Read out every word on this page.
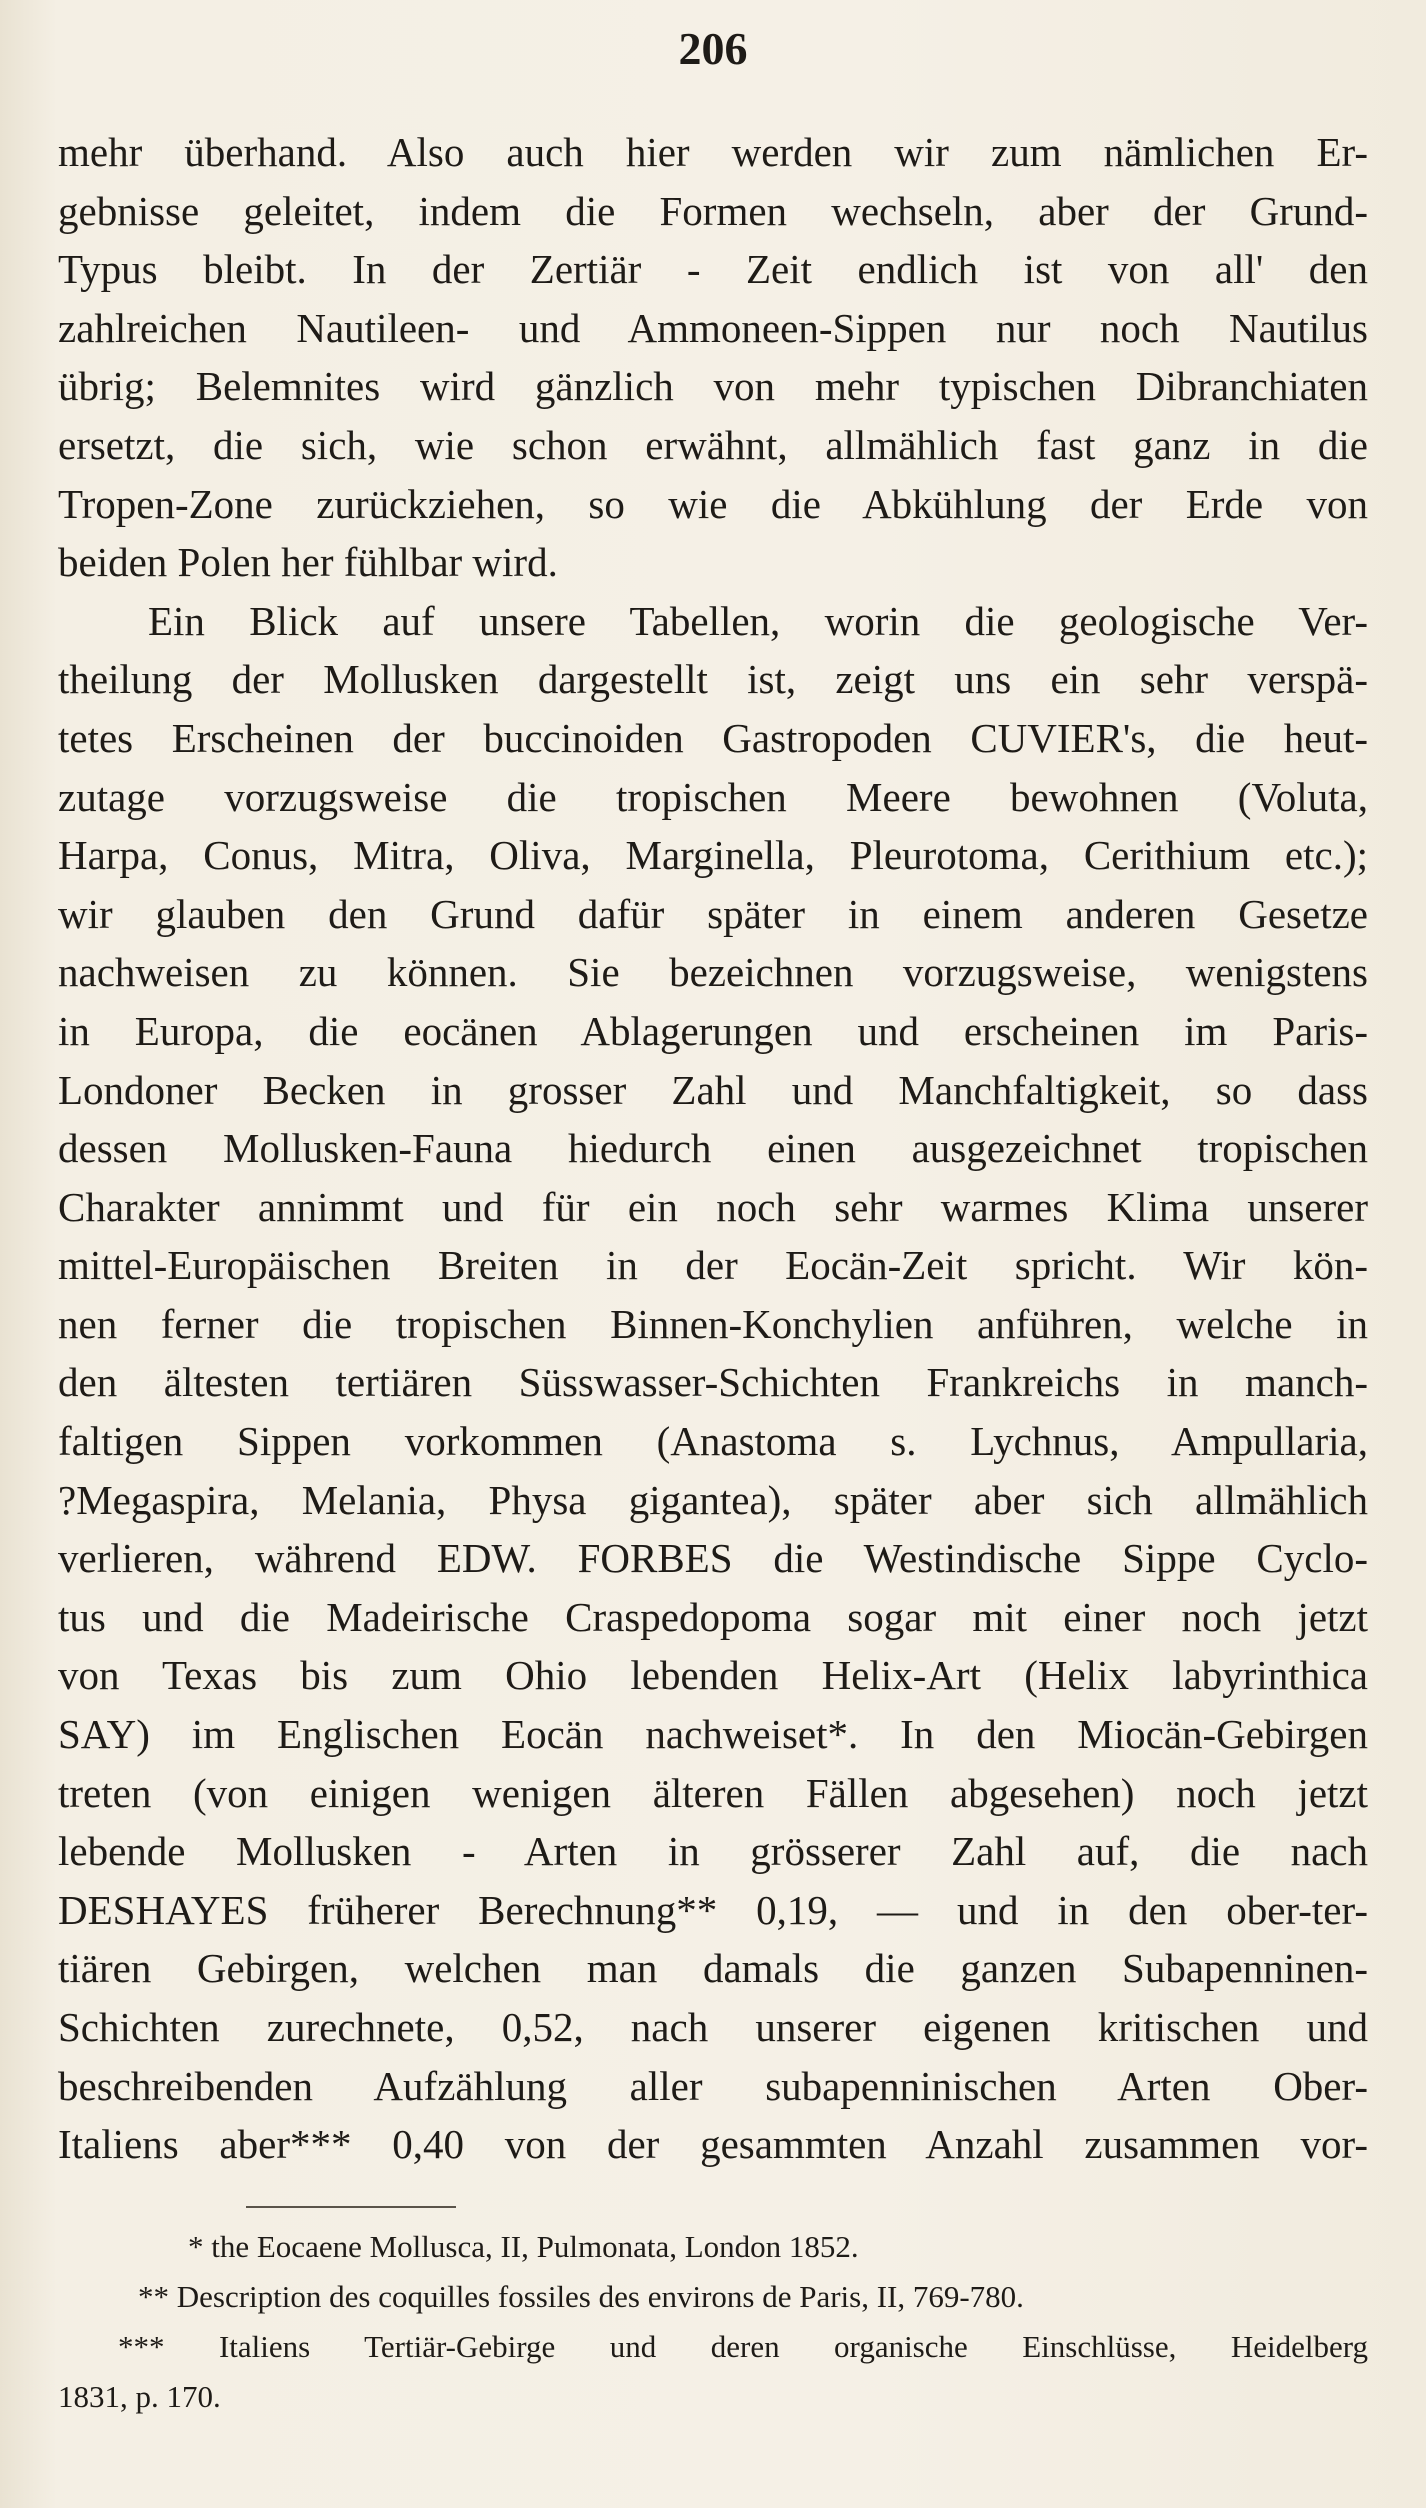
206
mehr überhand. Also auch hier werden wir zum nämlichen Er-
gebnisse geleitet, indem die Formen wechseln, aber der Grund-
Typus bleibt. In der Zertiär - Zeit endlich ist von all' den
zahlreichen Nautileen- und Ammoneen-Sippen nur noch Nautilus
übrig; Belemnites wird gänzlich von mehr typischen Dibranchiaten
ersetzt, die sich, wie schon erwähnt, allmählich fast ganz in die
Tropen-Zone zurückziehen, so wie die Abkühlung der Erde von
beiden Polen her fühlbar wird.
Ein Blick auf unsere Tabellen, worin die geologische Ver-
theilung der Mollusken dargestellt ist, zeigt uns ein sehr verspä-
tetes Erscheinen der buccinoiden Gastropoden CUVIER's, die heut-
zutage vorzugsweise die tropischen Meere bewohnen (Voluta,
Harpa, Conus, Mitra, Oliva, Marginella, Pleurotoma, Cerithium etc.);
wir glauben den Grund dafür später in einem anderen Gesetze
nachweisen zu können. Sie bezeichnen vorzugsweise, wenigstens
in Europa, die eocänen Ablagerungen und erscheinen im Paris-
Londoner Becken in grosser Zahl und Manchfaltigkeit, so dass
dessen Mollusken-Fauna hiedurch einen ausgezeichnet tropischen
Charakter annimmt und für ein noch sehr warmes Klima unserer
mittel-Europäischen Breiten in der Eocän-Zeit spricht. Wir kön-
nen ferner die tropischen Binnen-Konchylien anführen, welche in
den ältesten tertiären Süsswasser-Schichten Frankreichs in manch-
faltigen Sippen vorkommen (Anastoma s. Lychnus, Ampullaria,
?Megaspira, Melania, Physa gigantea), später aber sich allmählich
verlieren, während EDW. FORBES die Westindische Sippe Cyclo-
tus und die Madeirische Craspedopoma sogar mit einer noch jetzt
von Texas bis zum Ohio lebenden Helix-Art (Helix labyrinthica
SAY) im Englischen Eocän nachweiset*. In den Miocän-Gebirgen
treten (von einigen wenigen älteren Fällen abgesehen) noch jetzt
lebende Mollusken - Arten in grösserer Zahl auf, die nach
DESHAYES früherer Berechnung** 0,19, — und in den ober-ter-
tiären Gebirgen, welchen man damals die ganzen Subapenninen-
Schichten zurechnete, 0,52, nach unserer eigenen kritischen und
beschreibenden Aufzählung aller subapenninischen Arten Ober-
Italiens aber*** 0,40 von der gesammten Anzahl zusammen vor-
* the Eocaene Mollusca, II, Pulmonata, London 1852.
** Description des coquilles fossiles des environs de Paris, II, 769-780.
*** Italiens Tertiär-Gebirge und deren organische Einschlüsse, Heidelberg
1831, p. 170.
